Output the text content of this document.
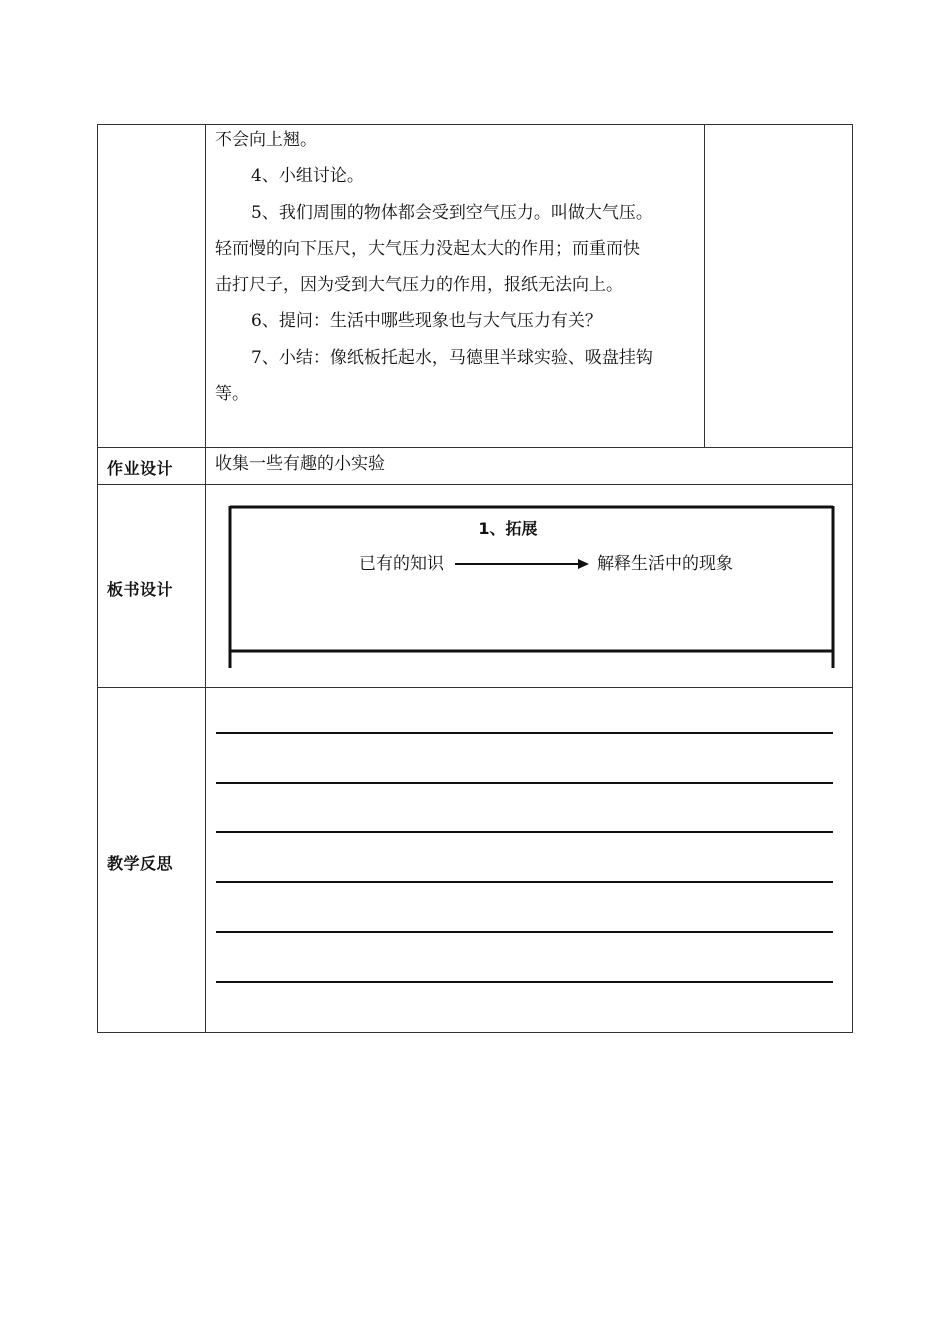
不会向上翘。

4、小组讨论。

5、我们周围的物体都会受到空气压力。叫做大气压。

轻而慢的向下压尺，大气压力没起太大的作用；而重而快

击打尺子，因为受到大气压力的作用，报纸无法向上。

6、提问：生活中哪些现象也与大气压力有关？

7、小结：像纸板托起水，马德里半球实验、吸盘挂钩

等。

作业设计 收集一些有趣的小实验
板书设计
1、拓展
已有的知识	解释生活中的现象
教学反思
